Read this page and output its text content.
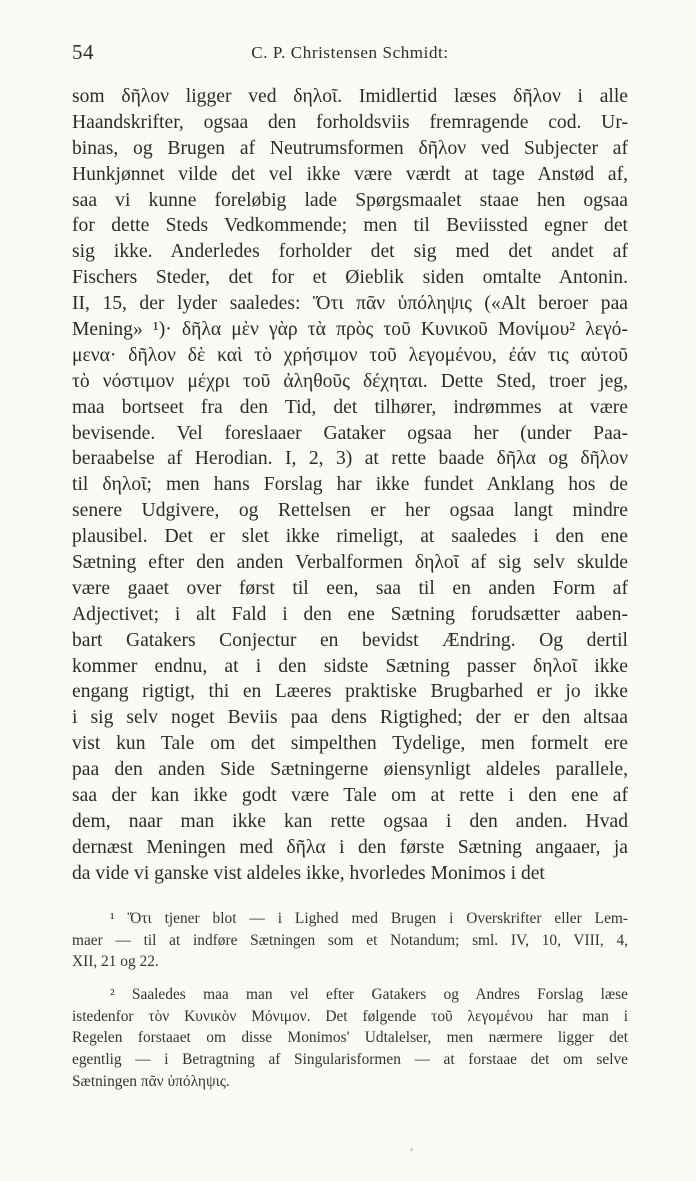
54	C. P. Christensen Schmidt:
som δῆλον ligger ved δηλοῖ. Imidlertid læses δῆλον i alle
Haandskrifter, ogsaa den forholdsviis fremragende cod. Ur-
binas, og Brugen af Neutrumsformen δῆλον ved Subjecter af
Hunkjønnet vilde det vel ikke være værdt at tage Anstød af,
saa vi kunne foreløbig lade Spørgsmaalet staae hen ogsaa
for dette Steds Vedkommende; men til Beviissted egner det
sig ikke. Anderledes forholder det sig med det andet af
Fischers Steder, det for et Øieblik siden omtalte Antonin.
II, 15, der lyder saaledes: Ὅτι πᾶν ὑπόληψις («Alt beroer paa
Mening» ¹)· δῆλα μὲν γὰρ τὰ πρὸς τοῦ Κυνικοῦ Μονίμου² λεγό-
μενα· δῆλον δὲ καὶ τὸ χρήσιμον τοῦ λεγομένου, ἐάν τις αὐτοῦ
τὸ νόστιμον μέχρι τοῦ ἀληθοῦς δέχηται. Dette Sted, troer jeg,
maa bortseet fra den Tid, det tilhører, indrømmes at være
bevisende. Vel foreslaaer Gataker ogsaa her (under Paa-
beraabelse af Herodian. I, 2, 3) at rette baade δῆλα og δῆλον
til δηλοῖ; men hans Forslag har ikke fundet Anklang hos de
senere Udgivere, og Rettelsen er her ogsaa langt mindre
plausibel. Det er slet ikke rimeligt, at saaledes i den ene
Sætning efter den anden Verbalformen δηλοῖ af sig selv skulde
være gaaet over først til een, saa til en anden Form af
Adjectivet; i alt Fald i den ene Sætning forudsætter aaben-
bart Gatakers Conjectur en bevidst Ændring. Og dertil
kommer endnu, at i den sidste Sætning passer δηλοῖ ikke
engang rigtigt, thi en Læeres praktiske Brugbarhed er jo ikke
i sig selv noget Beviis paa dens Rigtighed; der er den altsaa
vist kun Tale om det simpelthen Tydelige, men formelt ere
paa den anden Side Sætningerne øiensynligt aldeles parallele,
saa der kan ikke godt være Tale om at rette i den ene af
dem, naar man ikke kan rette ogsaa i den anden. Hvad
dernæst Meningen med δῆλα i den første Sætning angaaer, ja
da vide vi ganske vist aldeles ikke, hvorledes Monimos i det
¹ Ὅτι tjener blot — i Lighed med Brugen i Overskrifter eller Lem-
maer — til at indføre Sætningen som et Notandum; sml. IV, 10, VIII, 4,
XII, 21 og 22.
² Saaledes maa man vel efter Gatakers og Andres Forslag læse
istedenfor τὸν Κυνικὸν Μόνιμον. Det følgende τοῦ λεγομένου har man i
Regelen forstaaet om disse Monimos' Udtalelser, men nærmere ligger det
egentlig — i Betragtning af Singularisformen — at forstaae det om selve
Sætningen πᾶν ὑπόληψις.
